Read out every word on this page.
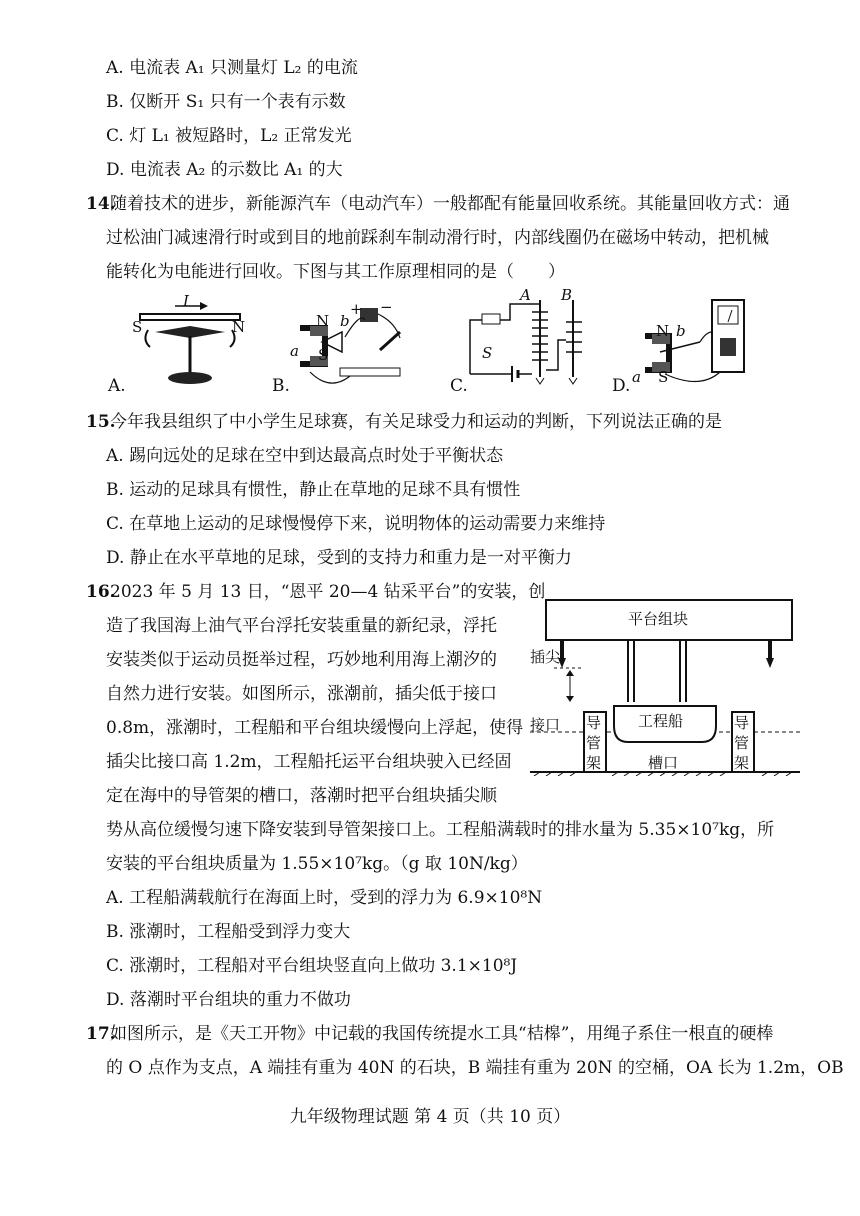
A. 电流表 A₁ 只测量灯 L₂ 的电流
B. 仅断开 S₁ 只有一个表有示数
C. 灯 L₁ 被短路时，L₂ 正常发光
D. 电流表 A₂ 的示数比 A₁ 的大
14.
随着技术的进步，新能源汽车（电动汽车）一般都配有能量回收系统。其能量回收方式：通
过松油门减速滑行时或到目的地前踩刹车制动滑行时，内部线圈仍在磁场中转动，把机械
能转化为电能进行回收。下图与其工作原理相同的是（　　）
I
S	N	N b
+ −
a S
A B
S
N b
a S
A.	B.	C.	D.
15.
今年我县组织了中小学生足球赛，有关足球受力和运动的判断，下列说法正确的是
A. 踢向远处的足球在空中到达最高点时处于平衡状态
B. 运动的足球具有惯性，静止在草地的足球不具有惯性
C. 在草地上运动的足球慢慢停下来，说明物体的运动需要力来维持
D. 静止在水平草地的足球，受到的支持力和重力是一对平衡力
16.
2023 年 5 月 13 日，“恩平 20—4 钻采平台”的安装，创
造了我国海上油气平台浮托安装重量的新纪录，浮托
安装类似于运动员挺举过程，巧妙地利用海上潮汐的
自然力进行安装。如图所示，涨潮前，插尖低于接口
0.8m，涨潮时，工程船和平台组块缓慢向上浮起，使得
插尖比接口高 1.2m，工程船托运平台组块驶入已经固
定在海中的导管架的槽口，落潮时把平台组块插尖顺
势从高位缓慢匀速下降安装到导管架接口上。工程船满载时的排水量为 5.35×10⁷kg，所
安装的平台组块质量为 1.55×10⁷kg。（g 取 10N/kg）
平台组块
插尖
接口	工程船
槽口
导
管
架
导
管
架
A. 工程船满载航行在海面上时，受到的浮力为 6.9×10⁸N
B. 涨潮时，工程船受到浮力变大
C. 涨潮时，工程船对平台组块竖直向上做功 3.1×10⁸J
D. 落潮时平台组块的重力不做功
17.
如图所示，是《天工开物》中记载的我国传统提水工具“桔槔”，用绳子系住一根直的硬棒
的 O 点作为支点，A 端挂有重为 40N 的石块，B 端挂有重为 20N 的空桶，OA 长为 1.2m，OB
九年级物理试题 第 4 页（共 10 页）
